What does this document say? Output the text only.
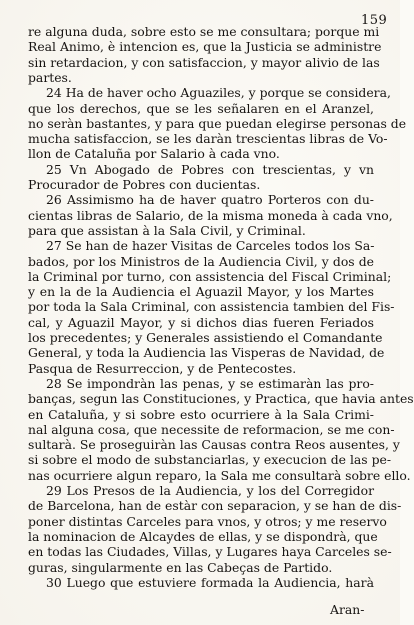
159
re alguna duda, sobre esto se me consultara; porque mi
Real Animo, è intencion es, que la Justicia se administre
sin retardacion, y con satisfaccion, y mayor alivio de las
partes.
24 Ha de haver ocho Aguaziles, y porque se considera,
que los derechos, que se les señalaren en el Aranzel,
no seràn bastantes, y para que puedan elegirse personas de
mucha satisfaccion, se les daràn trescientas libras de Vo-
llon de Cataluña por Salario à cada vno.
25 Vn Abogado de Pobres con trescientas, y vn
Procurador de Pobres con ducientas.
26 Assimismo ha de haver quatro Porteros con du-
cientas libras de Salario, de la misma moneda à cada vno,
para que assistan à la Sala Civil, y Criminal.
27 Se han de hazer Visitas de Carceles todos los Sa-
bados, por los Ministros de la Audiencia Civil, y dos de
la Criminal por turno, con assistencia del Fiscal Criminal;
y en la de la Audiencia el Aguazil Mayor, y los Martes
por toda la Sala Criminal, con assistencia tambien del Fis-
cal, y Aguazil Mayor, y si dichos dias fueren Feriados
los precedentes; y Generales assistiendo el Comandante
General, y toda la Audiencia las Visperas de Navidad, de
Pasqua de Resurreccion, y de Pentecostes.
28 Se impondràn las penas, y se estimaràn las pro-
banças, segun las Constituciones, y Practica, que havia antes
en Cataluña, y si sobre esto ocurriere à la Sala Crimi-
nal alguna cosa, que necessite de reformacion, se me con-
sultarà. Se proseguiràn las Causas contra Reos ausentes, y
si sobre el modo de substanciarlas, y execucion de las pe-
nas ocurriere algun reparo, la Sala me consultarà sobre ello.
29 Los Presos de la Audiencia, y los del Corregidor
de Barcelona, han de estàr con separacion, y se han de dis-
poner distintas Carceles para vnos, y otros; y me reservo
la nominacion de Alcaydes de ellas, y se dispondrà, que
en todas las Ciudades, Villas, y Lugares haya Carceles se-
guras, singularmente en las Cabeças de Partido.
30 Luego que estuviere formada la Audiencia, harà
Aran-
